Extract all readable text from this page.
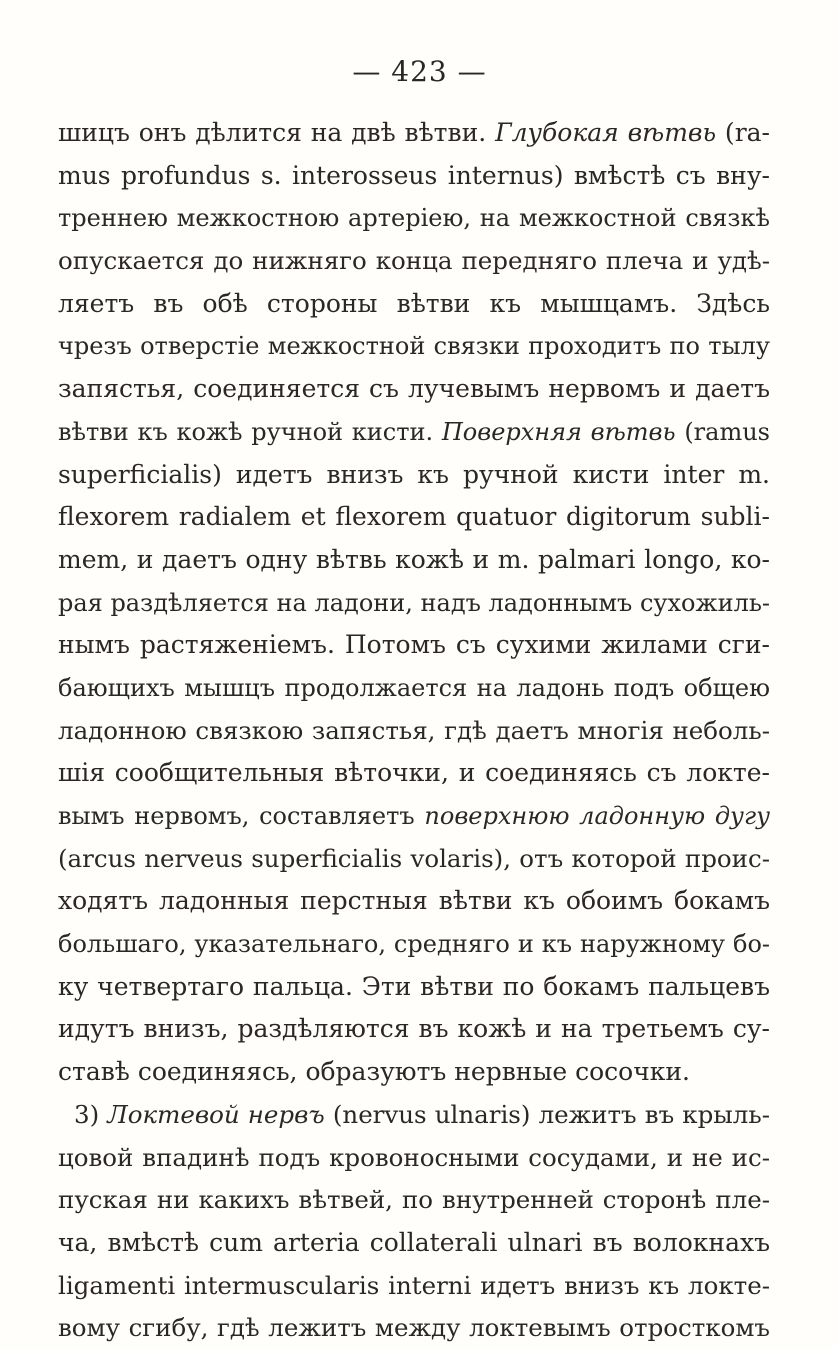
— 423 —
шицъ онъ дѣлится на двѣ вѣтви. Глубокая вѣтвь (ra-
mus profundus s. interosseus internus) вмѣстѣ съ вну-
треннею межкостною артеріею, на межкостной связкѣ
опускается до нижняго конца передняго плеча и удѣ-
ляетъ въ обѣ стороны вѣтви къ мышцамъ. Здѣсь
чрезъ отверстіе межкостной связки проходитъ по тылу
запястья, соединяется съ лучевымъ нервомъ и даетъ
вѣтви къ кожѣ ручной кисти. Поверхняя вѣтвь (ramus
superficialis) идетъ внизъ къ ручной кисти inter m.
flexorem radialem et flexorem quatuor digitorum subli-
mem, и даетъ одну вѣтвь кожѣ и m. palmari longo, ко-
рая раздѣляется на ладони, надъ ладоннымъ сухожиль-
нымъ растяженіемъ. Потомъ съ сухими жилами сги-
бающихъ мышцъ продолжается на ладонь подъ общею
ладонною связкою запястья, гдѣ даетъ многія неболь-
шія сообщительныя вѣточки, и соединяясь съ локте-
вымъ нервомъ, составляетъ поверхнюю ладонную дугу
(arcus nerveus superficialis volaris), отъ которой проис-
ходятъ ладонныя перстныя вѣтви къ обоимъ бокамъ
большаго, указательнаго, средняго и къ наружному бо-
ку четвертаго пальца. Эти вѣтви по бокамъ пальцевъ
идутъ внизъ, раздѣляются въ кожѣ и на третьемъ су-
ставѣ соединяясь, образуютъ нервные сосочки.
3) Локтевой нервъ (nervus ulnaris) лежитъ въ крыль-
цовой впадинѣ подъ кровоносными сосудами, и не ис-
пуская ни какихъ вѣтвей, по внутренней сторонѣ пле-
ча, вмѣстѣ cum arteria collaterali ulnari въ волокнахъ
ligamenti intermuscularis interni идетъ внизъ къ локте-
вому сгибу, гдѣ лежитъ между локтевымъ отросткомъ
